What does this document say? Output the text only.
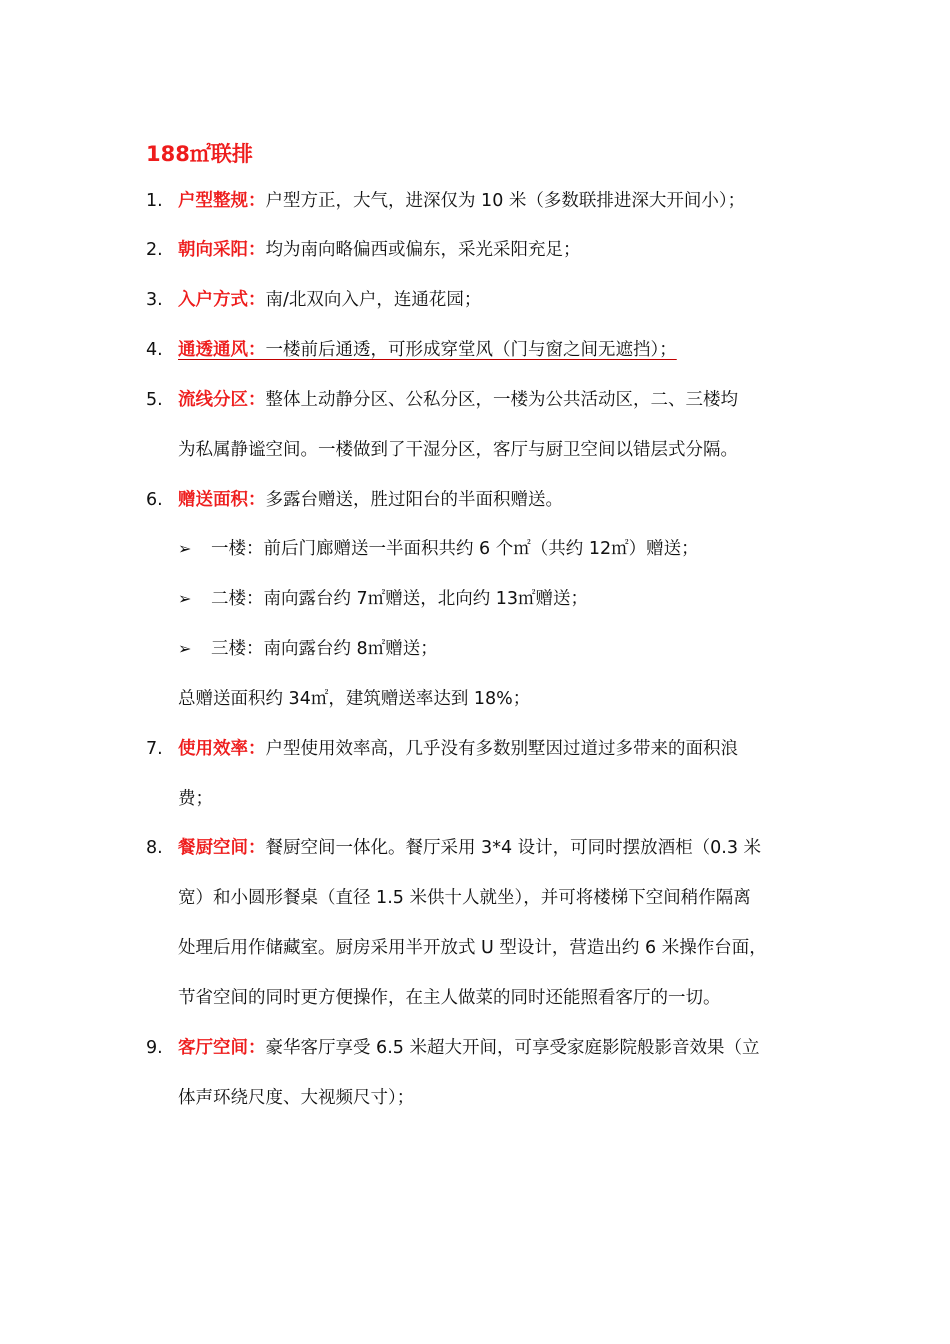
188㎡联排
1. 户型整规：户型方正，大气，进深仅为 10 米（多数联排进深大开间小）；
2. 朝向采阳：均为南向略偏西或偏东，采光采阳充足；
3. 入户方式：南/北双向入户，连通花园；
4. 通透通风：一楼前后通透，可形成穿堂风（门与窗之间无遮挡）；
5. 流线分区：整体上动静分区、公私分区，一楼为公共活动区，二、三楼均
为私属静谧空间。一楼做到了干湿分区，客厅与厨卫空间以错层式分隔。
6. 赠送面积：多露台赠送，胜过阳台的半面积赠送。
➢ 一楼：前后门廊赠送一半面积共约 6 个㎡（共约 12㎡）赠送；
➢ 二楼：南向露台约 7㎡赠送，北向约 13㎡赠送；
➢ 三楼：南向露台约 8㎡赠送；
总赠送面积约 34㎡，建筑赠送率达到 18%；
7. 使用效率：户型使用效率高，几乎没有多数别墅因过道过多带来的面积浪
费；
8. 餐厨空间：餐厨空间一体化。餐厅采用 3*4 设计，可同时摆放酒柜（0.3 米
宽）和小圆形餐桌（直径 1.5 米供十人就坐），并可将楼梯下空间稍作隔离
处理后用作储藏室。厨房采用半开放式 U 型设计，营造出约 6 米操作台面，
节省空间的同时更方便操作，在主人做菜的同时还能照看客厅的一切。
9. 客厅空间：豪华客厅享受 6.5 米超大开间，可享受家庭影院般影音效果（立
体声环绕尺度、大视频尺寸）；
